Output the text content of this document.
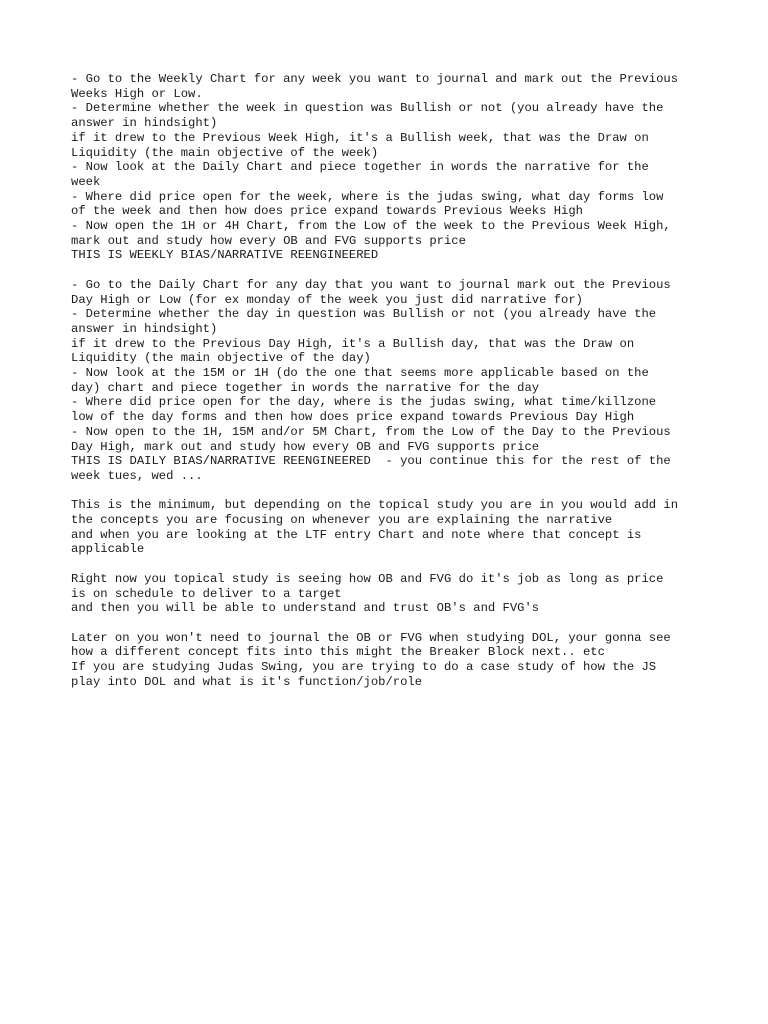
- Go to the Weekly Chart for any week you want to journal and mark out the Previous
Weeks High or Low.
- Determine whether the week in question was Bullish or not (you already have the
answer in hindsight)
if it drew to the Previous Week High, it's a Bullish week, that was the Draw on
Liquidity (the main objective of the week)
- Now look at the Daily Chart and piece together in words the narrative for the
week
- Where did price open for the week, where is the judas swing, what day forms low
of the week and then how does price expand towards Previous Weeks High
- Now open the 1H or 4H Chart, from the Low of the week to the Previous Week High,
mark out and study how every OB and FVG supports price
THIS IS WEEKLY BIAS/NARRATIVE REENGINEERED
- Go to the Daily Chart for any day that you want to journal mark out the Previous
Day High or Low (for ex monday of the week you just did narrative for)
- Determine whether the day in question was Bullish or not (you already have the
answer in hindsight)
if it drew to the Previous Day High, it's a Bullish day, that was the Draw on
Liquidity (the main objective of the day)
- Now look at the 15M or 1H (do the one that seems more applicable based on the
day) chart and piece together in words the narrative for the day
- Where did price open for the day, where is the judas swing, what time/killzone
low of the day forms and then how does price expand towards Previous Day High
- Now open to the 1H, 15M and/or 5M Chart, from the Low of the Day to the Previous
Day High, mark out and study how every OB and FVG supports price
THIS IS DAILY BIAS/NARRATIVE REENGINEERED  - you continue this for the rest of the
week tues, wed ...
This is the minimum, but depending on the topical study you are in you would add in
the concepts you are focusing on whenever you are explaining the narrative
and when you are looking at the LTF entry Chart and note where that concept is
applicable
Right now you topical study is seeing how OB and FVG do it's job as long as price
is on schedule to deliver to a target
and then you will be able to understand and trust OB's and FVG's
Later on you won't need to journal the OB or FVG when studying DOL, your gonna see
how a different concept fits into this might the Breaker Block next.. etc
If you are studying Judas Swing, you are trying to do a case study of how the JS
play into DOL and what is it's function/job/role
